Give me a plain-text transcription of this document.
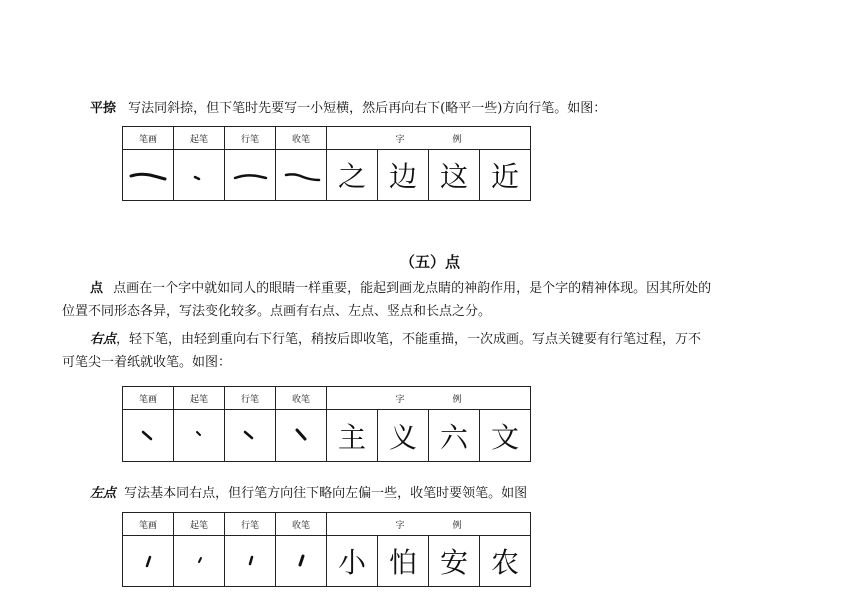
平捺 写法同斜捺，但下笔时先要写一小短横，然后再向右下(略平一些)方向行笔。如图：
笔画	起笔	行笔	收笔	字 例			

	之	边	这	近
（五）点
点 点画在一个字中就如同人的眼睛一样重要，能起到画龙点睛的神韵作用，是个字的精神体现。因其所处的
位置不同形态各异，写法变化较多。点画有右点、左点、竖点和长点之分。
右点，轻下笔，由轻到重向右下行笔，稍按后即收笔，不能重描，一次成画。写点关键要有行笔过程，万不
可笔尖一着纸就收笔。如图：
笔画	起笔	行笔	收笔	字 例			

	主	义	六	文
左点 写法基本同右点，但行笔方向往下略向左偏一些，收笔时要领笔。如图
笔画	起笔	行笔	收笔	字 例			

	小	怕	安	农
